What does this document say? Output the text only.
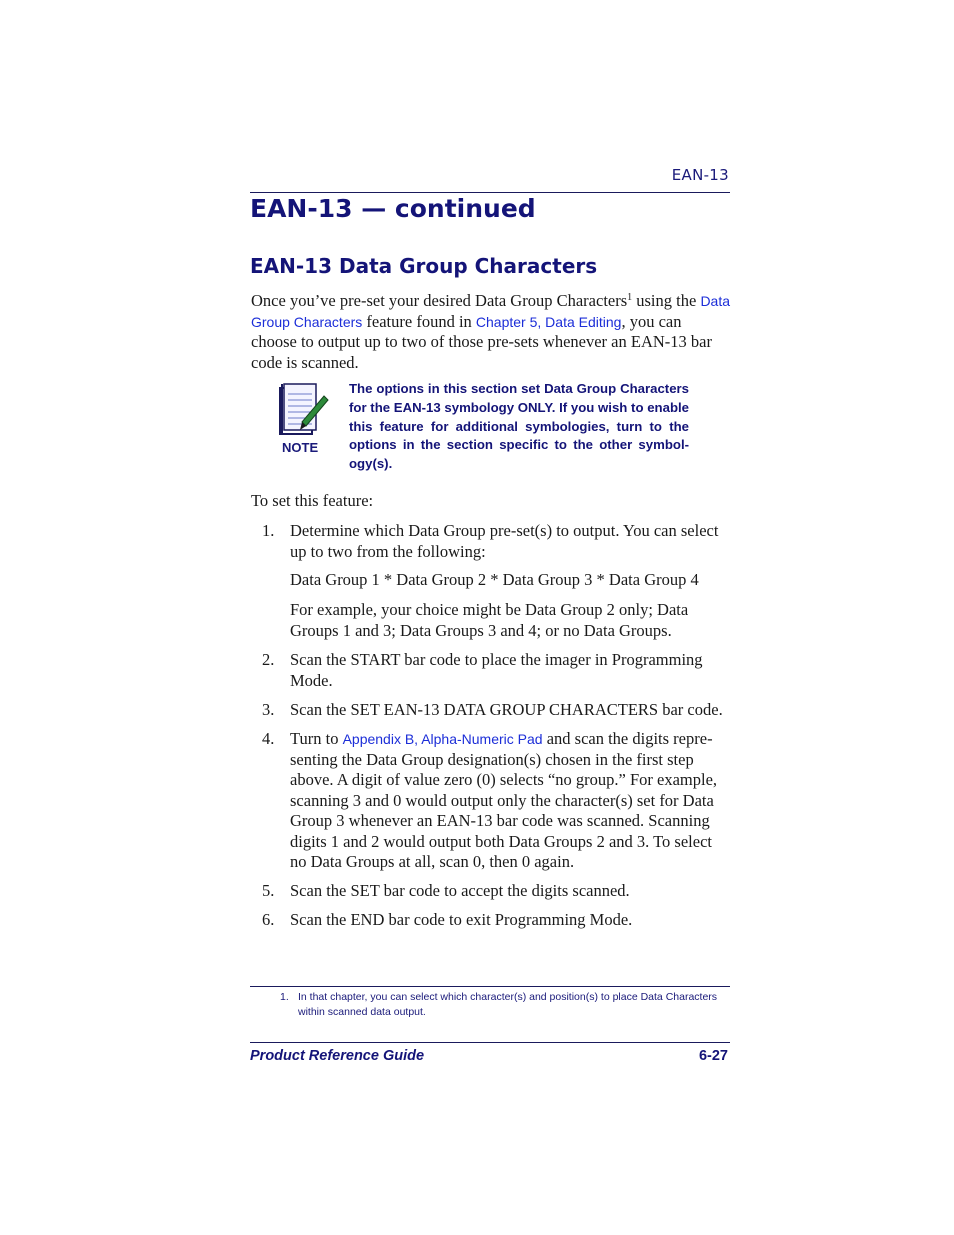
EAN-13
EAN-13 — continued
EAN-13 Data Group Characters

Once you’ve pre-set your desired Data Group Characters$^1$ using the Data Group Characters feature found in Chapter 5, Data Editing, you can choose to output up to two of those pre-sets whenever an EAN-13 bar code is scanned.

NOTE

The options in this section set Data Group Characters for the EAN-13 symbology ONLY. If you wish to enable this feature for additional symbologies, turn to the options in the section specific to the other symbol-ogy(s).

To set this feature:

1. Determine which Data Group pre-set(s) to output. You can select up to two from the following:

Data Group 1 * Data Group 2 * Data Group 3 * Data Group 4

For example, your choice might be Data Group 2 only; Data Groups 1 and 3; Data Groups 3 and 4; or no Data Groups.

2. Scan the START bar code to place the imager in Programming Mode.
3. Scan the SET EAN-13 DATA GROUP CHARACTERS bar code.
4. Turn to Appendix B, Alpha-Numeric Pad and scan the digits repre-senting the Data Group designation(s) chosen in the first step above. A digit of value zero (0) selects “no group.” For example, scanning 3 and 0 would output only the character(s) set for Data Group 3 whenever an EAN-13 bar code was scanned. Scanning digits 1 and 2 would output both Data Groups 2 and 3. To select no Data Groups at all, scan 0, then 0 again.
5. Scan the SET bar code to accept the digits scanned.
6. Scan the END bar code to exit Programming Mode.
1. In that chapter, you can select which character(s) and position(s) to place Data Characters within scanned data output.
Product Reference Guide	6-27
